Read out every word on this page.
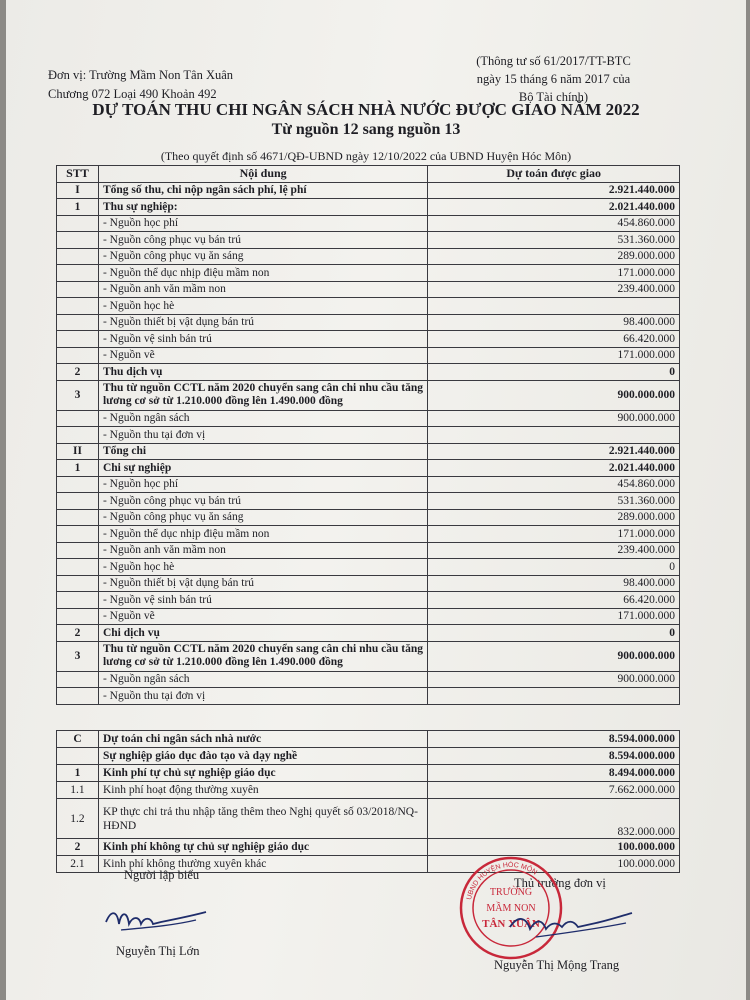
Đơn vị: Trường Mầm Non Tân Xuân
Chương 072 Loại 490 Khoản 492
(Thông tư số 61/2017/TT-BTC
ngày 15 tháng 6 năm 2017 của
Bộ Tài chính)
DỰ TOÁN THU CHI NGÂN SÁCH NHÀ NƯỚC ĐƯỢC GIAO NĂM 2022
Từ nguồn 12 sang nguồn 13
(Theo quyết định số 4671/QĐ-UBND ngày 12/10/2022 của UBND Huyện Hóc Môn)
STT	Nội dung	Dự toán được giao
I	Tổng số thu, chi nộp ngân sách phí, lệ phí	2.921.440.000
1	Thu sự nghiệp:	2.021.440.000
	- Nguồn học phí	454.860.000
	- Nguồn công phục vụ bán trú	531.360.000
	- Nguồn công phục vụ ăn sáng	289.000.000
	- Nguồn thể dục nhịp điệu mầm non	171.000.000
	- Nguồn anh văn mầm non	239.400.000
	- Nguồn học hè	
	- Nguồn thiết bị vật dụng bán trú	98.400.000
	- Nguồn vệ sinh bán trú	66.420.000
	- Nguồn vẽ	171.000.000
2	Thu dịch vụ	0
3	Thu từ nguồn CCTL năm 2020 chuyển sang cân chi nhu cầu tăng lương cơ sở từ 1.210.000 đồng lên 1.490.000 đồng	900.000.000
	- Nguồn ngân sách	900.000.000
	- Nguồn thu tại đơn vị	
II	Tổng chi	2.921.440.000
1	Chi sự nghiệp	2.021.440.000
	- Nguồn học phí	454.860.000
	- Nguồn công phục vụ bán trú	531.360.000
	- Nguồn công phục vụ ăn sáng	289.000.000
	- Nguồn thể dục nhịp điệu mầm non	171.000.000
	- Nguồn anh văn mầm non	239.400.000
	- Nguồn học hè	0
	- Nguồn thiết bị vật dụng bán trú	98.400.000
	- Nguồn vệ sinh bán trú	66.420.000
	- Nguồn vẽ	171.000.000
2	Chi dịch vụ	0
3	Thu từ nguồn CCTL năm 2020 chuyển sang cân chi nhu cầu tăng lương cơ sở từ 1.210.000 đồng lên 1.490.000 đồng	900.000.000
	- Nguồn ngân sách	900.000.000
	- Nguồn thu tại đơn vị	
C	Dự toán chi ngân sách nhà nước	8.594.000.000
	Sự nghiệp giáo dục đào tạo và dạy nghề	8.594.000.000
1	Kinh phí tự chủ sự nghiệp giáo dục	8.494.000.000
1.1	Kinh phí hoạt động thường xuyên	7.662.000.000
1.2	KP thực chi trả thu nhập tăng thêm theo Nghị quyết số 03/2018/NQ-HĐND	832.000.000
2	Kinh phí không tự chủ sự nghiệp giáo dục	100.000.000
2.1	Kinh phí không thường xuyên khác	100.000.000
Người lập biểu
Thủ trưởng đơn vị
TRƯỜNG
MẦM NON
TÂN XUÂN
UBND HUYỆN HÓC MÔN
Nguyễn Thị Lớn
Nguyễn Thị Mộng Trang
